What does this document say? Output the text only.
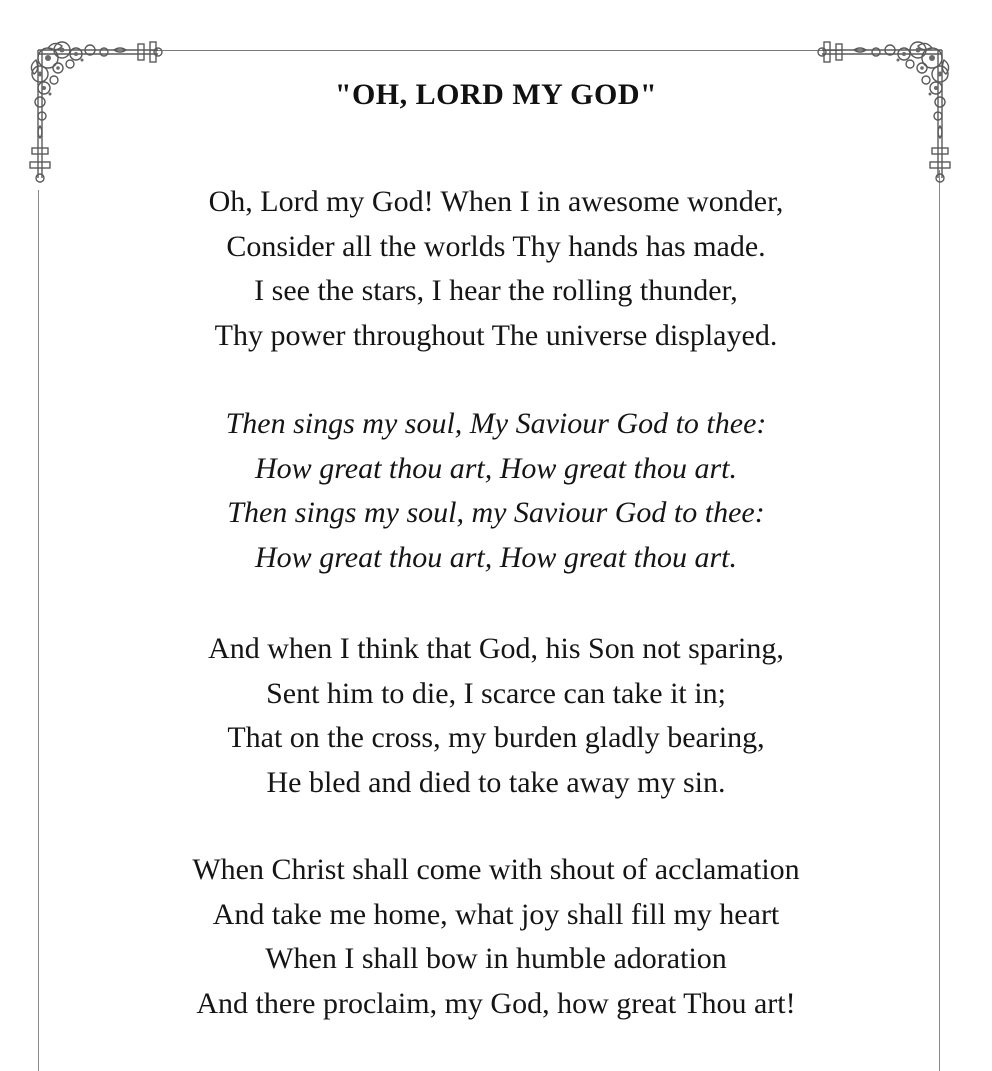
"OH, LORD MY GOD"
Oh, Lord my God! When I in awesome wonder,
Consider all the worlds Thy hands has made.
I see the stars, I hear the rolling thunder,
Thy power throughout The universe displayed.
Then sings my soul, My Saviour God to thee:
How great thou art, How great thou art.
Then sings my soul, my Saviour God to thee:
How great thou art, How great thou art.
And when I think that God, his Son not sparing,
Sent him to die, I scarce can take it in;
That on the cross, my burden gladly bearing,
He bled and died to take away my sin.
When Christ shall come with shout of acclamation
And take me home, what joy shall fill my heart
When I shall bow in humble adoration
And there proclaim, my God, how great Thou art!
